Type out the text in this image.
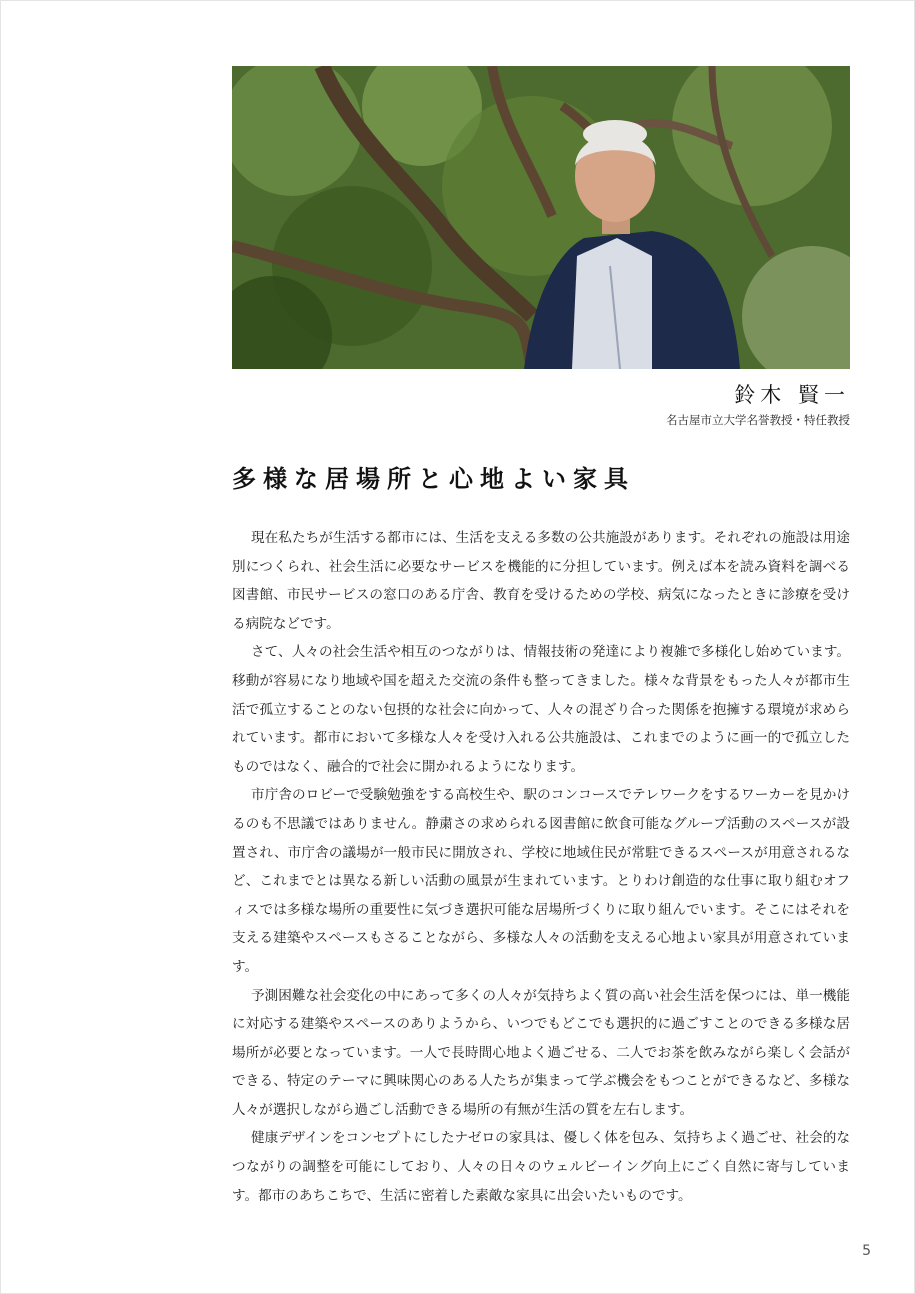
鈴木 賢一
名古屋市立大学名誉教授・特任教授
多様な居場所と心地よい家具

現在私たちが生活する都市には、生活を支える多数の公共施設があります。それぞれの施設は用途別につくられ、社会生活に必要なサービスを機能的に分担しています。例えば本を読み資料を調べる図書館、市民サービスの窓口のある庁舎、教育を受けるための学校、病気になったときに診療を受ける病院などです。

さて、人々の社会生活や相互のつながりは、情報技術の発達により複雑で多様化し始めています。移動が容易になり地域や国を超えた交流の条件も整ってきました。様々な背景をもった人々が都市生活で孤立することのない包摂的な社会に向かって、人々の混ざり合った関係を抱擁する環境が求められています。都市において多様な人々を受け入れる公共施設は、これまでのように画一的で孤立したものではなく、融合的で社会に開かれるようになります。

市庁舎のロビーで受験勉強をする高校生や、駅のコンコースでテレワークをするワーカーを見かけるのも不思議ではありません。静粛さの求められる図書館に飲食可能なグループ活動のスペースが設置され、市庁舎の議場が一般市民に開放され、学校に地域住民が常駐できるスペースが用意されるなど、これまでとは異なる新しい活動の風景が生まれています。とりわけ創造的な仕事に取り組むオフィスでは多様な場所の重要性に気づき選択可能な居場所づくりに取り組んでいます。そこにはそれを支える建築やスペースもさることながら、多様な人々の活動を支える心地よい家具が用意されています。

予測困難な社会変化の中にあって多くの人々が気持ちよく質の高い社会生活を保つには、単一機能に対応する建築やスペースのありようから、いつでもどこでも選択的に過ごすことのできる多様な居場所が必要となっています。一人で長時間心地よく過ごせる、二人でお茶を飲みながら楽しく会話ができる、特定のテーマに興味関心のある人たちが集まって学ぶ機会をもつことができるなど、多様な人々が選択しながら過ごし活動できる場所の有無が生活の質を左右します。

健康デザインをコンセプトにしたナゼロの家具は、優しく体を包み、気持ちよく過ごせ、社会的なつながりの調整を可能にしており、人々の日々のウェルビーイング向上にごく自然に寄与しています。都市のあちこちで、生活に密着した素敵な家具に出会いたいものです。

5
